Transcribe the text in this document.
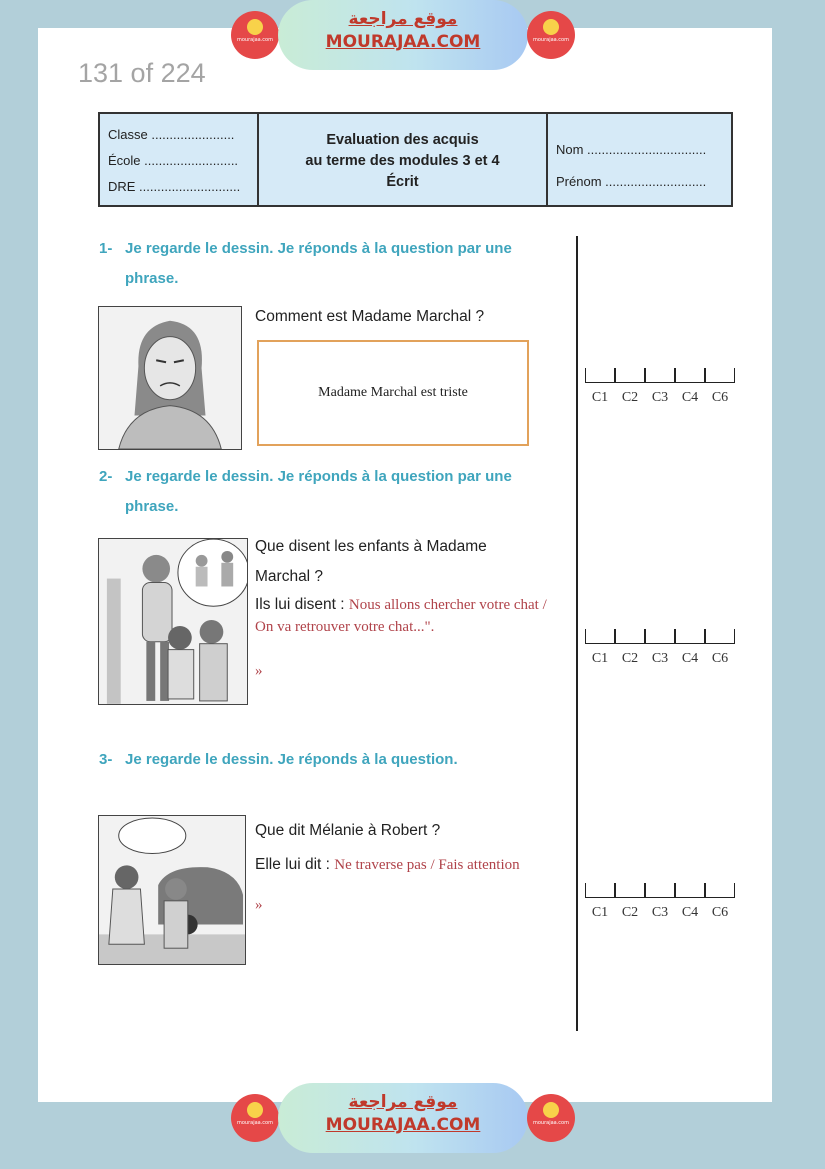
mourajaa.com
موقع مراجعة
MOURAJAA.COM	mourajaa.com
131 of 224
Classe .......................
École ..........................
DRE ............................
Evaluation des acquis
au terme des modules 3 et 4
Écrit
Nom .................................
Prénom ............................
1- Je regarde le dessin. Je réponds à la question par une
phrase.
Comment est Madame Marchal ?
Madame Marchal est triste	C1 C2 C3 C4 C6
2- Je regarde le dessin. Je réponds à la question par une
phrase.
Que disent les enfants à Madame
Marchal ?
Ils lui disent : Nous allons chercher votre chat /
On va retrouver votre chat...".
»
C1 C2 C3 C4 C6
3- Je regarde le dessin. Je réponds à la question.
Que dit Mélanie à Robert ?
Elle lui dit : Ne traverse pas / Fais attention
»	C1 C2 C3 C4 C6
mourajaa.com
موقع مراجعة
MOURAJAA.COM	mourajaa.com
